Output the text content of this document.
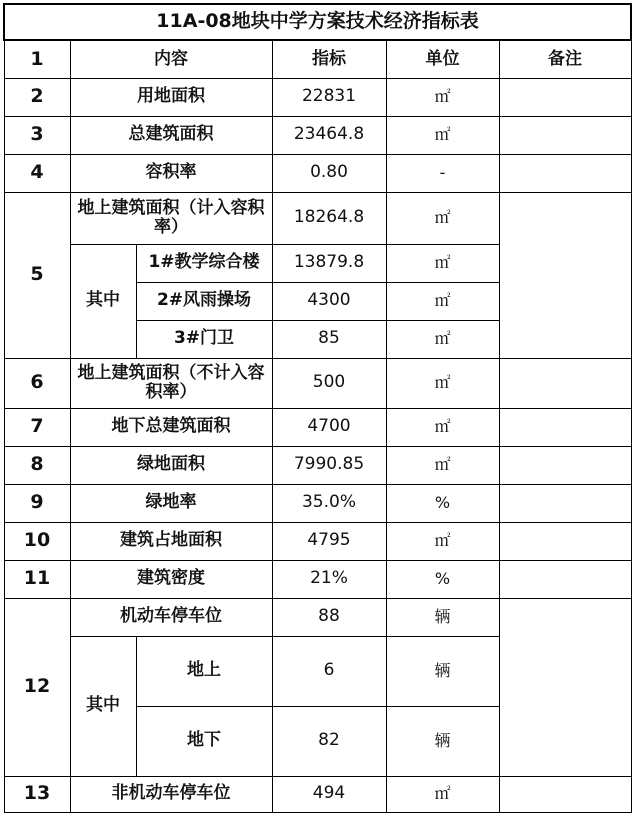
11A-08地块中学方案技术经济指标表					
1	内容		指标	单位	备注
2	用地面积		22831	㎡	
3	总建筑面积		23464.8	㎡	
4	容积率		0.80	-	
5	地上建筑面积（计入容积率）		18264.8	㎡	
	其中	1#教学综合楼	13879.8	㎡	
		2#风雨操场	4300	㎡	
		3#门卫	85	㎡	
6	地上建筑面积（不计入容积率）		500	㎡	
7	地下总建筑面积		4700	㎡	
8	绿地面积		7990.85	㎡	
9	绿地率		35.0%	%	
10	建筑占地面积		4795	㎡	
11	建筑密度		21%	%	
12	机动车停车位		88	辆	
	其中	地上	6	辆	
		地下	82	辆	
13	非机动车停车位		494	㎡	
